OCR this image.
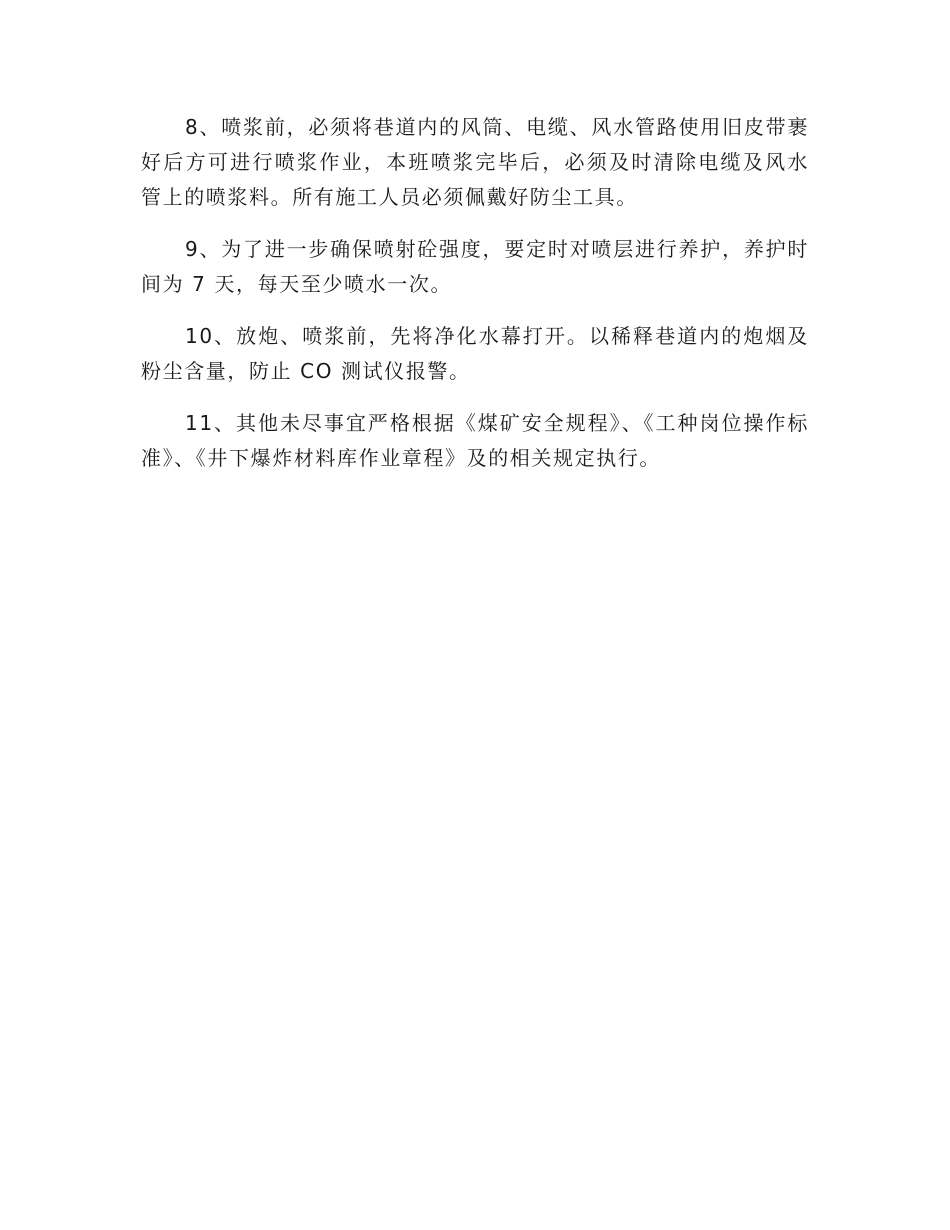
8、喷浆前，必须将巷道内的风筒、电缆、风水管路使用旧皮带裹好后方可进行喷浆作业，本班喷浆完毕后，必须及时清除电缆及风水管上的喷浆料。所有施工人员必须佩戴好防尘工具。

9、为了进一步确保喷射砼强度，要定时对喷层进行养护，养护时间为 7 天，每天至少喷水一次。

10、放炮、喷浆前，先将净化水幕打开。以稀释巷道内的炮烟及粉尘含量，防止 CO 测试仪报警。

11、其他未尽事宜严格根据《煤矿安全规程》、《工种岗位操作标准》、《井下爆炸材料库作业章程》及的相关规定执行。
